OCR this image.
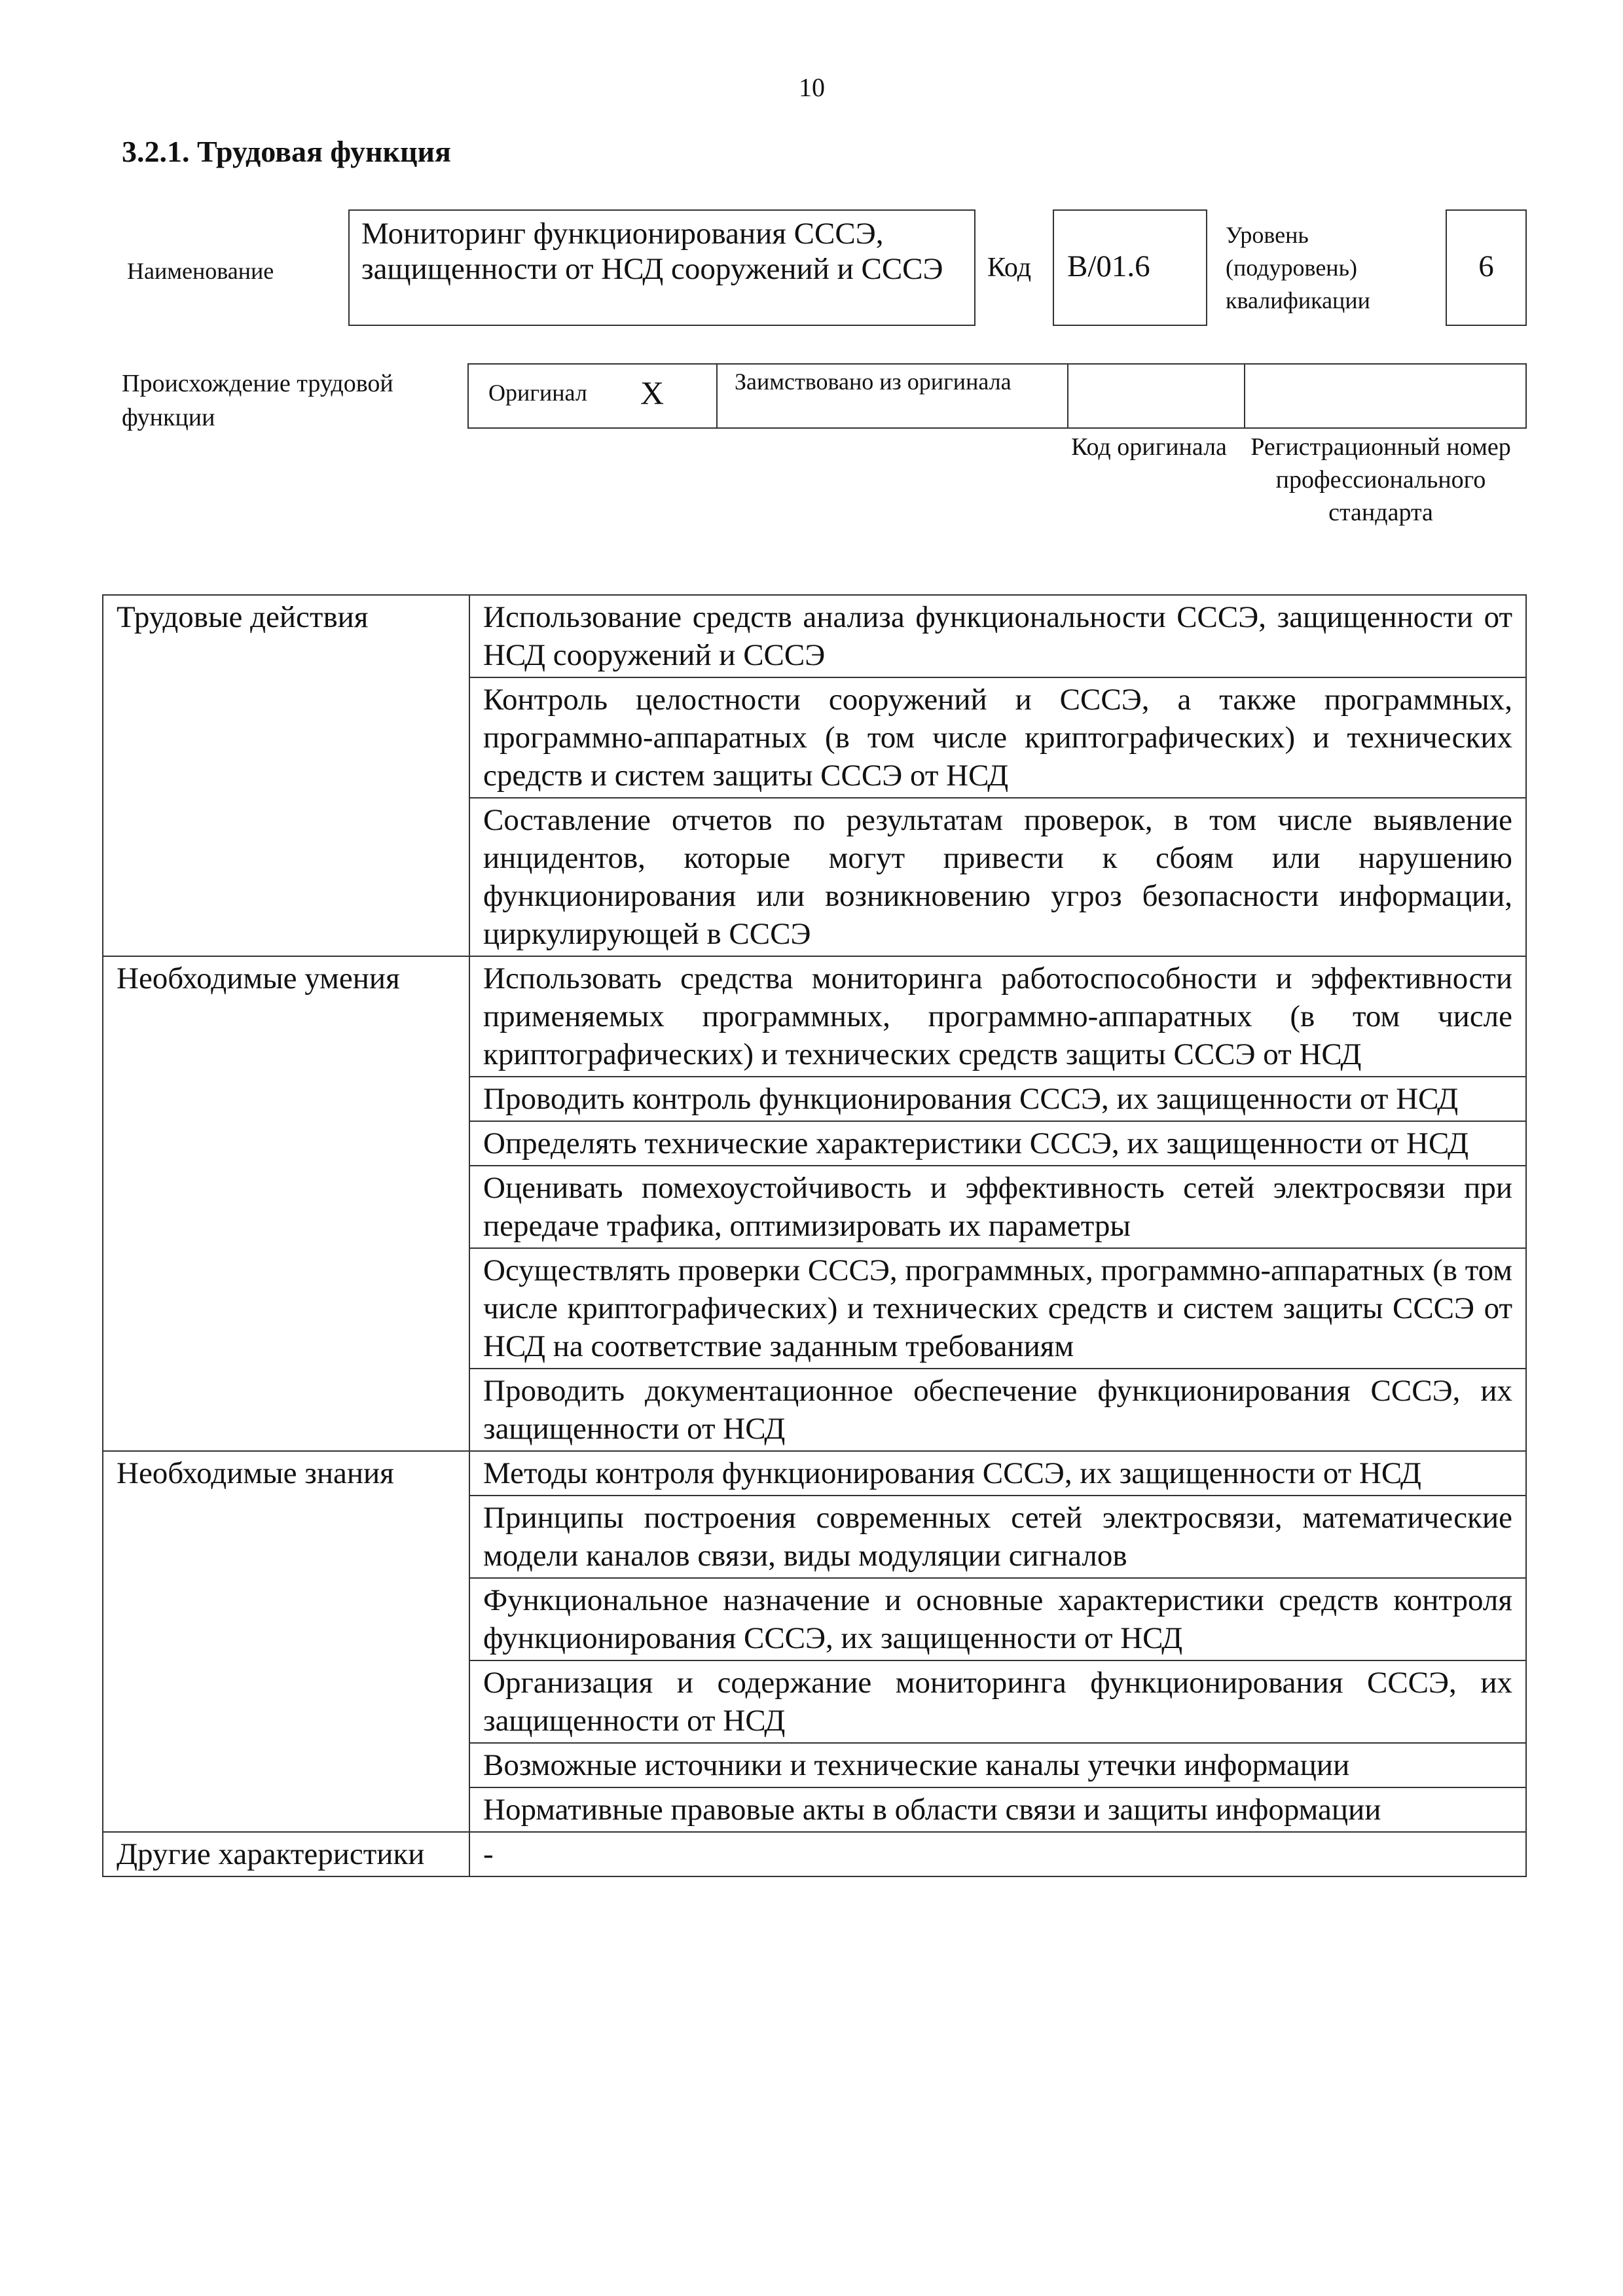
10
3.2.1. Трудовая функция
Наименование
Мониторинг функционирования СССЭ, защищенности от НСД сооружений и СССЭ	Код	B/01.6
Уровень (подуровень) квалификации
6
Происхождение трудовой функции
Оригинал X	Заимствовано из оригинала
Код оригинала Регистрационный номер профессионального стандарта
Трудовые действия	Использование средств анализа функциональности СССЭ, защищенности от НСД сооружений и СССЭ
	Контроль целостности сооружений и СССЭ, а также программных, программно-аппаратных (в том числе криптографических) и технических средств и систем защиты СССЭ от НСД
	Составление отчетов по результатам проверок, в том числе выявление инцидентов, которые могут привести к сбоям или нарушению функционирования или возникновению угроз безопасности информации, циркулирующей в СССЭ
Необходимые умения	Использовать средства мониторинга работоспособности и эффективности применяемых программных, программно-аппаратных (в том числе криптографических) и технических средств защиты СССЭ от НСД
	Проводить контроль функционирования СССЭ, их защищенности от НСД
	Определять технические характеристики СССЭ, их защищенности от НСД
	Оценивать помехоустойчивость и эффективность сетей электросвязи при передаче трафика, оптимизировать их параметры
	Осуществлять проверки СССЭ, программных, программно-аппаратных (в том числе криптографических) и технических средств и систем защиты СССЭ от НСД на соответствие заданным требованиям
	Проводить документационное обеспечение функционирования СССЭ, их защищенности от НСД
Необходимые знания	Методы контроля функционирования СССЭ, их защищенности от НСД
	Принципы построения современных сетей электросвязи, математические модели каналов связи, виды модуляции сигналов
	Функциональное назначение и основные характеристики средств контроля функционирования СССЭ, их защищенности от НСД
	Организация и содержание мониторинга функционирования СССЭ, их защищенности от НСД
	Возможные источники и технические каналы утечки информации
	Нормативные правовые акты в области связи и защиты информации
Другие характеристики	-
